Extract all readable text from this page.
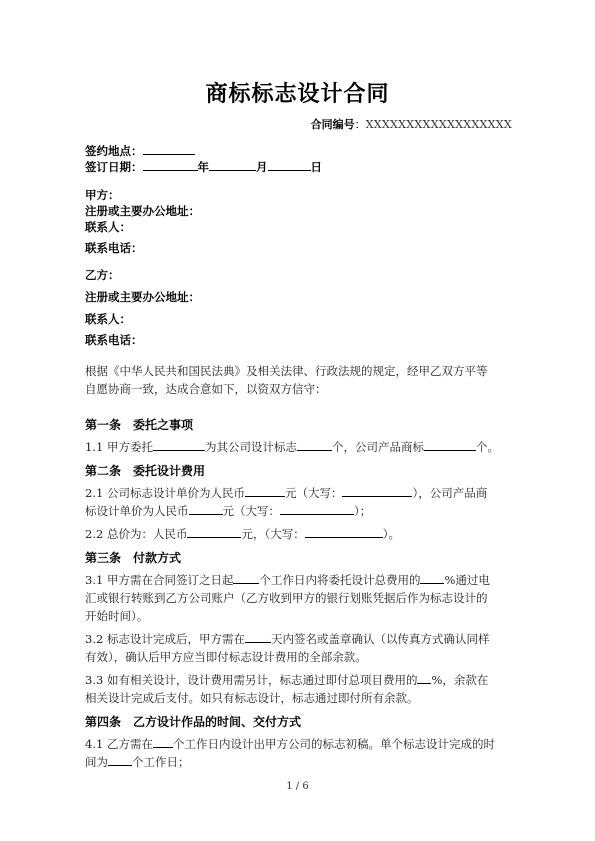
商标标志设计合同
合同编号：XXXXXXXXXXXXXXXXXX
签约地点：
签订日期：	年	月	日
甲方：
注册或主要办公地址：
联系人：
联系电话：
乙方：
注册或主要办公地址：
联系人：
联系电话：
根据《中华人民共和国民法典》及相关法律、行政法规的规定，经甲乙双方平等
自愿协商一致，达成合意如下，以资双方信守：
第一条　委托之事项
1.1 甲方委托	为其公司设计标志	个，公司产品商标	个。
第二条　委托设计费用
2.1 公司标志设计单价为人民币	元（大写：	），公司产品商
标设计单价为人民币	元（大写：	）；
2.2 总价为：人民币	元，（大写：	）。
第三条　付款方式
3.1 甲方需在合同签订之日起 个工作日内将委托设计总费用的 %通过电
汇或银行转账到乙方公司账户（乙方收到甲方的银行划账凭据后作为标志设计的
开始时间）。
3.2 标志设计完成后，甲方需在 天内签名或盖章确认（以传真方式确认同样
有效），确认后甲方应当即付标志设计费用的全部余款。
3.3 如有相关设计，设计费用需另计，标志通过即付总项目费用的 %，余款在
相关设计完成后支付。如只有标志设计，标志通过即付所有余款。
第四条　乙方设计作品的时间、交付方式
4.1 乙方需在 个工作日内设计出甲方公司的标志初稿。单个标志设计完成的时
间为 个工作日；
1 / 6
